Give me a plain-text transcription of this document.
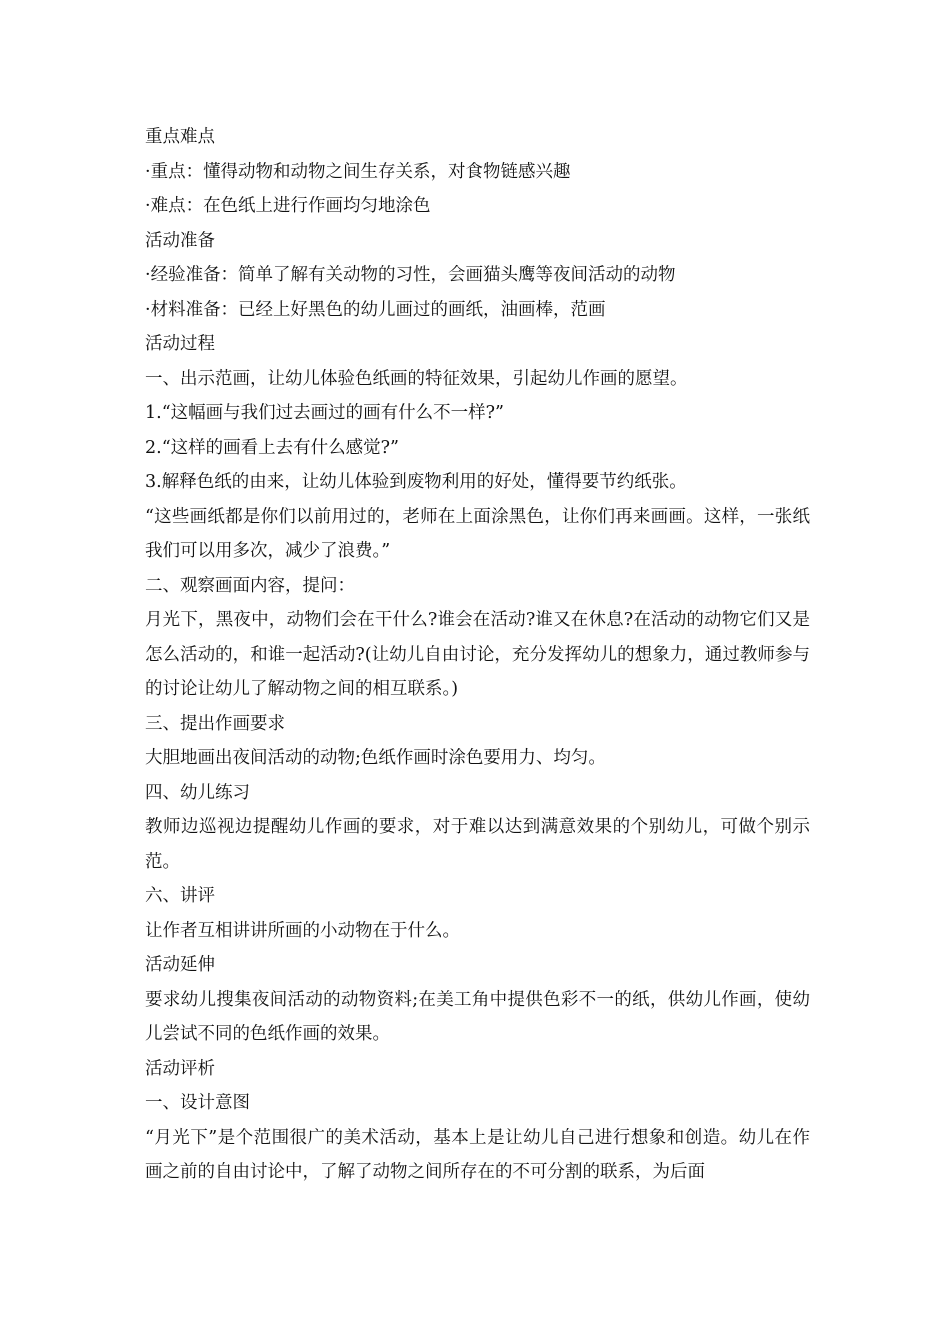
重点难点
·重点：懂得动物和动物之间生存关系，对食物链感兴趣
·难点：在色纸上进行作画均匀地涂色
活动准备
·经验准备：简单了解有关动物的习性，会画猫头鹰等夜间活动的动物
·材料准备：已经上好黑色的幼儿画过的画纸，油画棒，范画
活动过程
一、出示范画，让幼儿体验色纸画的特征效果，引起幼儿作画的愿望。
1.“这幅画与我们过去画过的画有什么不一样?”
2.“这样的画看上去有什么感觉?”
3.解释色纸的由来，让幼儿体验到废物利用的好处，懂得要节约纸张。
“这些画纸都是你们以前用过的，老师在上面涂黑色，让你们再来画画。这样，一张纸我们可以用多次，减少了浪费。”
二、观察画面内容，提问：
月光下，黑夜中，动物们会在干什么?谁会在活动?谁又在休息?在活动的动物它们又是怎么活动的，和谁一起活动?(让幼儿自由讨论，充分发挥幼儿的想象力，通过教师参与的讨论让幼儿了解动物之间的相互联系。)
三、提出作画要求
大胆地画出夜间活动的动物;色纸作画时涂色要用力、均匀。
四、幼儿练习
教师边巡视边提醒幼儿作画的要求，对于难以达到满意效果的个别幼儿，可做个别示范。
六、讲评
让作者互相讲讲所画的小动物在于什么。
活动延伸
要求幼儿搜集夜间活动的动物资料;在美工角中提供色彩不一的纸，供幼儿作画，使幼儿尝试不同的色纸作画的效果。
活动评析
一、设计意图
“月光下”是个范围很广的美术活动，基本上是让幼儿自己进行想象和创造。幼儿在作画之前的自由讨论中，了解了动物之间所存在的不可分割的联系，为后面
